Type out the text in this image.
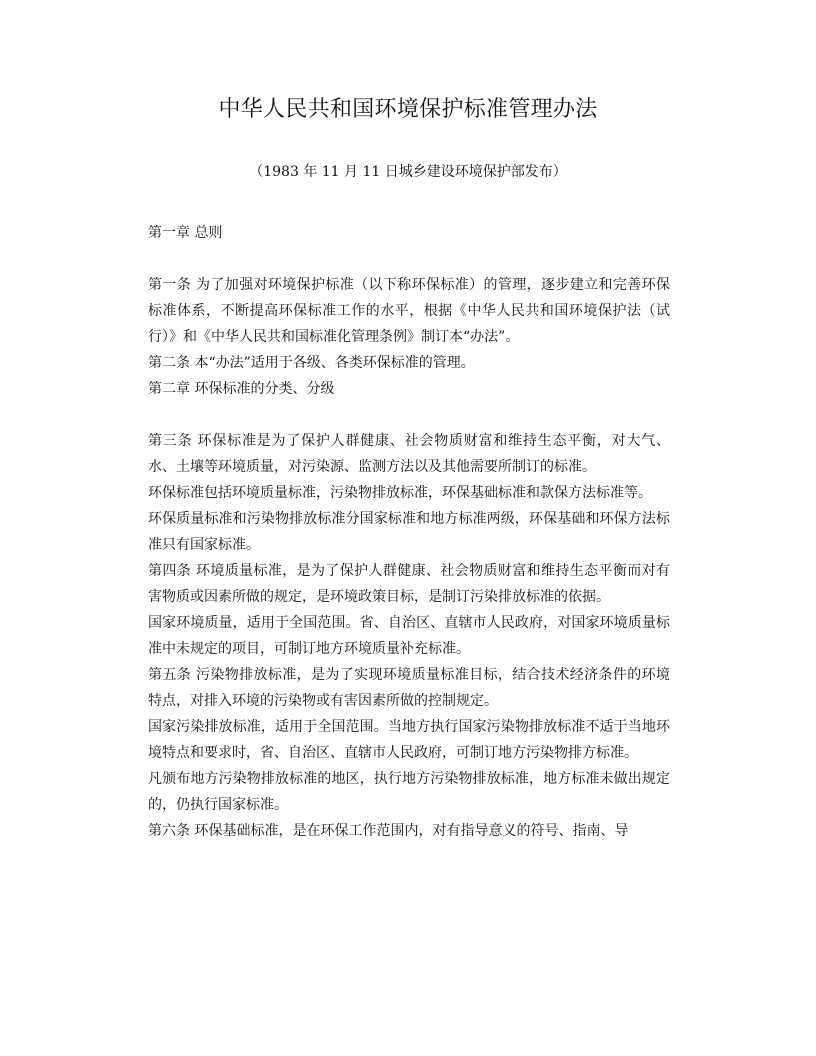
中华人民共和国环境保护标准管理办法
（1983 年 11 月 11 日城乡建设环境保护部发布）

第一章 总则

第一条 为了加强对环境保护标准（以下称环保标准）的管理，逐步建立和完善环保标准体系，不断提高环保标准工作的水平，根据《中华人民共和国环境保护法（试行）》和《中华人民共和国标准化管理条例》制订本“办法”。

第二条 本“办法”适用于各级、各类环保标准的管理。

第二章 环保标准的分类、分级

第三条 环保标准是为了保护人群健康、社会物质财富和维持生态平衡，对大气、水、土壤等环境质量，对污染源、监测方法以及其他需要所制订的标准。

环保标准包括环境质量标准，污染物排放标准，环保基础标准和款保方法标准等。

环保质量标准和污染物排放标准分国家标准和地方标准两级，环保基础和环保方法标准只有国家标准。

第四条 环境质量标准，是为了保护人群健康、社会物质财富和维持生态平衡而对有害物质或因素所做的规定，是环境政策目标，是制订污染排放标准的依据。

国家环境质量，适用于全国范围。省、自治区、直辖市人民政府，对国家环境质量标准中未规定的项目，可制订地方环境质量补充标准。

第五条 污染物排放标准，是为了实现环境质量标准目标，结合技术经济条件的环境特点，对排入环境的污染物或有害因素所做的控制规定。

国家污染排放标准，适用于全国范围。当地方执行国家污染物排放标准不适于当地环境特点和要求时，省、自治区、直辖市人民政府，可制订地方污染物排方标准。

凡颁布地方污染物排放标准的地区，执行地方污染物排放标准，地方标准未做出规定的，仍执行国家标准。

第六条 环保基础标准，是在环保工作范围内，对有指导意义的符号、指南、导
